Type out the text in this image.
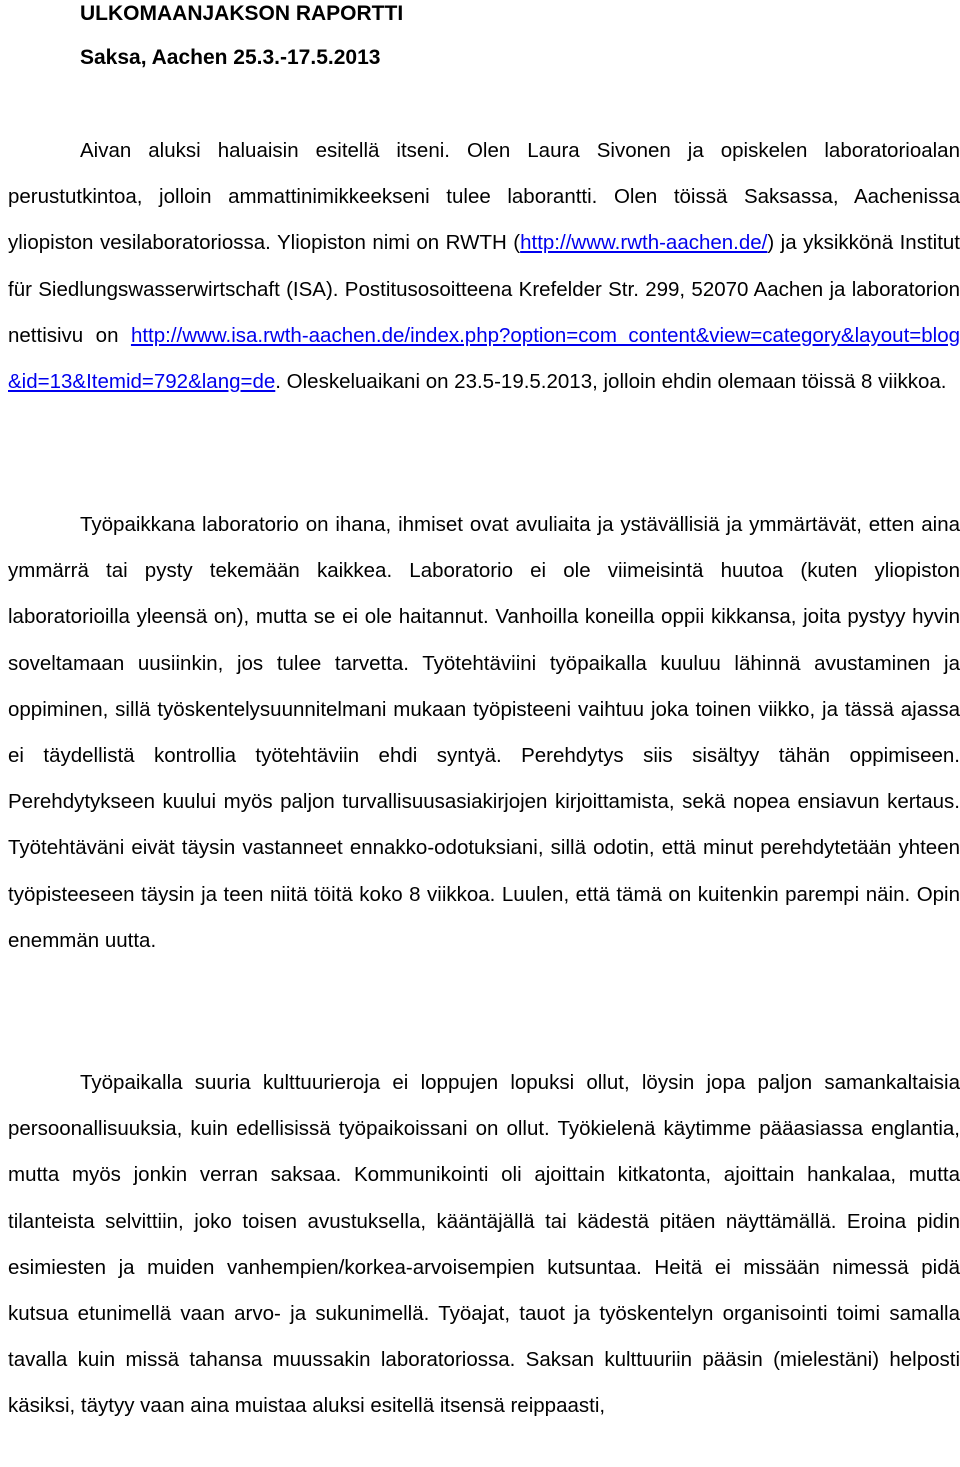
ULKOMAANJAKSON RAPORTTI
Saksa, Aachen 25.3.-17.5.2013
Aivan aluksi haluaisin esitellä itseni. Olen Laura Sivonen ja opiskelen laboratorioalan perustutkintoa, jolloin ammattinimikkeekseni tulee laborantti. Olen töissä Saksassa, Aachenissa yliopiston vesilaboratoriossa. Yliopiston nimi on RWTH (http://www.rwth-aachen.de/) ja yksikkönä Institut für Siedlungswasserwirtschaft (ISA). Postitusosoitteena Krefelder Str. 299, 52070 Aachen ja laboratorion nettisivu on http://www.isa.rwth-aachen.de/index.php?option=com_content&view=category&layout=blog&id=13&Itemid=792&lang=de. Oleskeluaikani on 23.5-19.5.2013, jolloin ehdin olemaan töissä 8 viikkoa.
Työpaikkana laboratorio on ihana, ihmiset ovat avuliaita ja ystävällisiä ja ymmärtävät, etten aina ymmärrä tai pysty tekemään kaikkea. Laboratorio ei ole viimeisintä huutoa (kuten yliopiston laboratorioilla yleensä on), mutta se ei ole haitannut. Vanhoilla koneilla oppii kikkansa, joita pystyy hyvin soveltamaan uusiinkin, jos tulee tarvetta. Työtehtäviini työpaikalla kuuluu lähinnä avustaminen ja oppiminen, sillä työskentelysuunnitelmani mukaan työpisteeni vaihtuu joka toinen viikko, ja tässä ajassa ei täydellistä kontrollia työtehtäviin ehdi syntyä. Perehdytys siis sisältyy tähän oppimiseen. Perehdytykseen kuului myös paljon turvallisuusasiakirjojen kirjoittamista, sekä nopea ensiavun kertaus. Työtehtäväni eivät täysin vastanneet ennakko-odotuksiani, sillä odotin, että minut perehdytetään yhteen työpisteeseen täysin ja teen niitä töitä koko 8 viikkoa. Luulen, että tämä on kuitenkin parempi näin. Opin enemmän uutta.
Työpaikalla suuria kulttuurieroja ei loppujen lopuksi ollut, löysin jopa paljon samankaltaisia persoonallisuuksia, kuin edellisissä työpaikoissani on ollut. Työkielenä käytimme pääasiassa englantia, mutta myös jonkin verran saksaa. Kommunikointi oli ajoittain kitkatonta, ajoittain hankalaa, mutta tilanteista selvittiin, joko toisen avustuksella, kääntäjällä tai kädestä pitäen näyttämällä. Eroina pidin esimiesten ja muiden vanhempien/korkea-arvoisempien kutsuntaa. Heitä ei missään nimessä pidä kutsua etunimellä vaan arvo- ja sukunimellä. Työajat, tauot ja työskentelyn organisointi toimi samalla tavalla kuin missä tahansa muussakin laboratoriossa. Saksan kulttuuriin pääsin (mielestäni) helposti käsiksi, täytyy vaan aina muistaa aluksi esitellä itsensä reippaasti,
